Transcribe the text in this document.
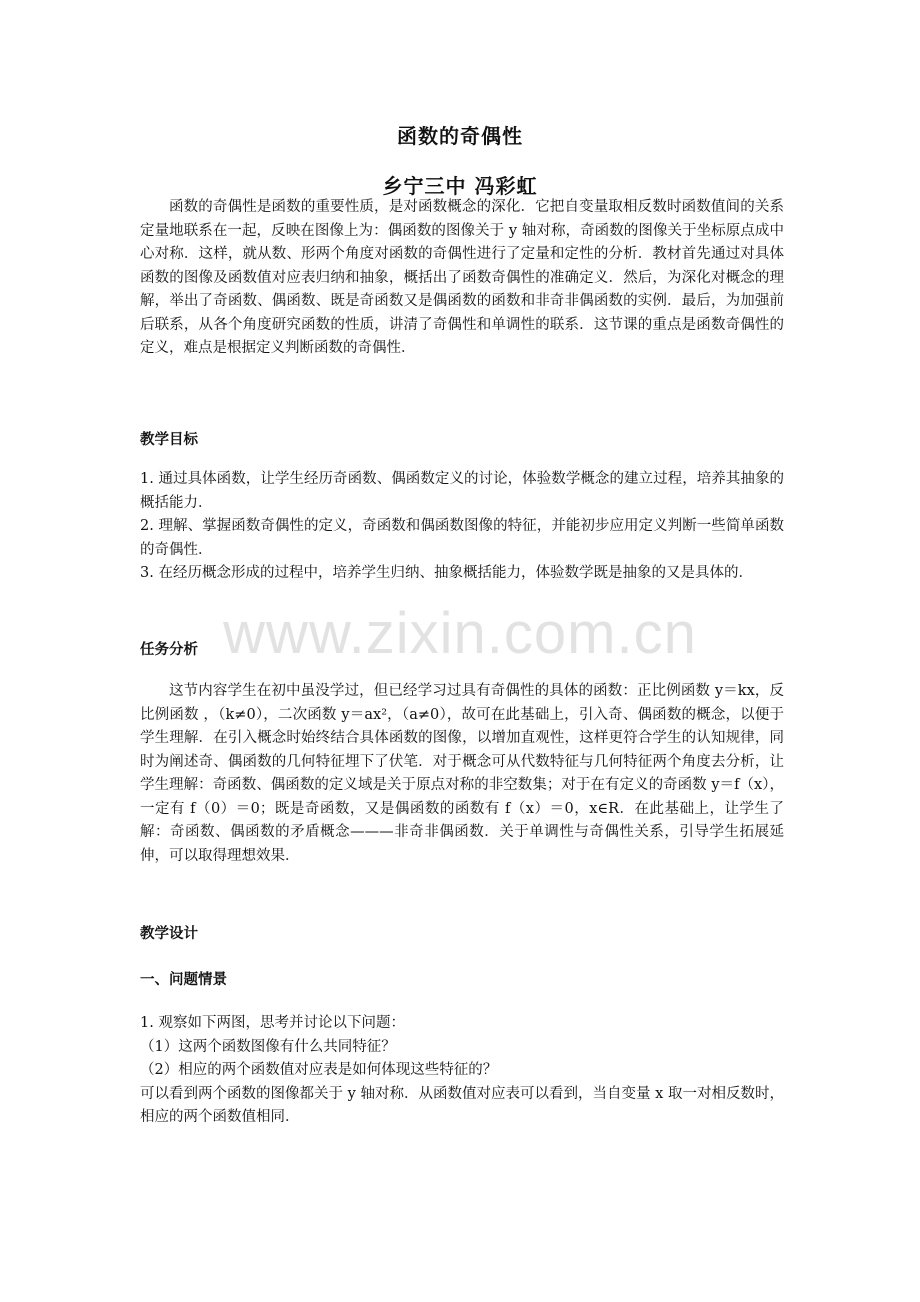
www.zixin.com.cn
函数的奇偶性
乡宁三中 冯彩虹

函数的奇偶性是函数的重要性质，是对函数概念的深化．它把自变量取相反数时函数值间的关系定量地联系在一起，反映在图像上为：偶函数的图像关于 y 轴对称，奇函数的图像关于坐标原点成中心对称．这样，就从数、形两个角度对函数的奇偶性进行了定量和定性的分析．教材首先通过对具体函数的图像及函数值对应表归纳和抽象，概括出了函数奇偶性的准确定义．然后，为深化对概念的理解，举出了奇函数、偶函数、既是奇函数又是偶函数的函数和非奇非偶函数的实例．最后，为加强前后联系，从各个角度研究函数的性质，讲清了奇偶性和单调性的联系．这节课的重点是函数奇偶性的定义，难点是根据定义判断函数的奇偶性．

教学目标
1. 通过具体函数，让学生经历奇函数、偶函数定义的讨论，体验数学概念的建立过程，培养其抽象的概括能力．
2. 理解、掌握函数奇偶性的定义，奇函数和偶函数图像的特征，并能初步应用定义判断一些简单函数的奇偶性．
3. 在经历概念形成的过程中，培养学生归纳、抽象概括能力，体验数学既是抽象的又是具体的．
任务分析

这节内容学生在初中虽没学过，但已经学习过具有奇偶性的具体的函数：正比例函数 y＝kx，反比例函数 ，（k≠0），二次函数 y＝ax²，（a≠0），故可在此基础上，引入奇、偶函数的概念，以便于学生理解．在引入概念时始终结合具体函数的图像，以增加直观性，这样更符合学生的认知规律，同时为阐述奇、偶函数的几何特征埋下了伏笔．对于概念可从代数特征与几何特征两个角度去分析，让学生理解：奇函数、偶函数的定义域是关于原点对称的非空数集；对于在有定义的奇函数 y＝f（x），一定有 f（0）＝0；既是奇函数，又是偶函数的函数有 f（x）＝0，x∈R．在此基础上，让学生了解：奇函数、偶函数的矛盾概念———非奇非偶函数．关于单调性与奇偶性关系，引导学生拓展延伸，可以取得理想效果．

教学设计
一、问题情景
1. 观察如下两图，思考并讨论以下问题：
（1）这两个函数图像有什么共同特征？
（2）相应的两个函数值对应表是如何体现这些特征的？
可以看到两个函数的图像都关于 y 轴对称．从函数值对应表可以看到，当自变量 x 取一对相反数时，相应的两个函数值相同．
